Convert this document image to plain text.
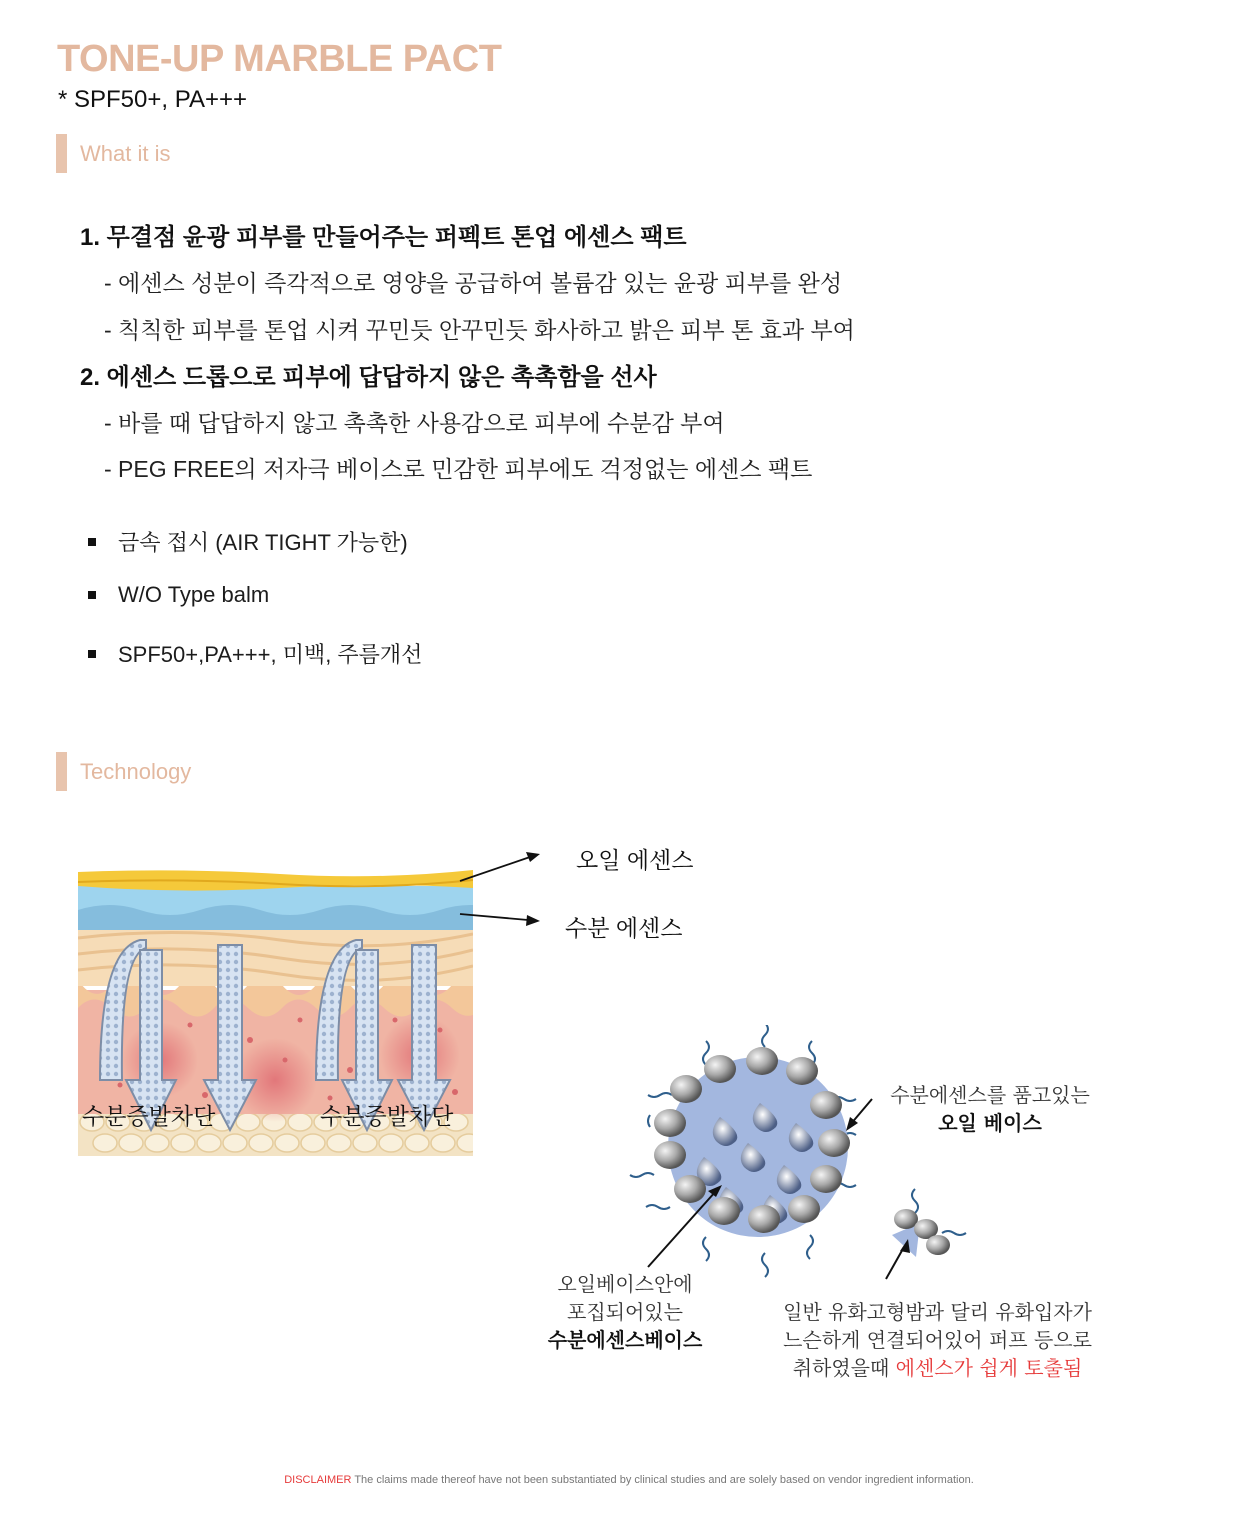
TONE-UP MARBLE PACT
* SPF50+, PA+++
What it is
1. 무결점 윤광 피부를 만들어주는 퍼펙트 톤업 에센스 팩트
- 에센스 성분이 즉각적으로 영양을 공급하여 볼륨감 있는 윤광 피부를 완성
- 칙칙한 피부를 톤업 시켜 꾸민듯 안꾸민듯 화사하고 밝은 피부 톤 효과 부여
2. 에센스 드롭으로 피부에 답답하지 않은 촉촉함을 선사
- 바를 때 답답하지 않고 촉촉한 사용감으로 피부에 수분감 부여
- PEG FREE의 저자극 베이스로 민감한 피부에도 걱정없는 에센스 팩트
금속 접시 (AIR TIGHT 가능한)
W/O Type balm
SPF50+,PA+++, 미백, 주름개선
Technology
오일 에센스
수분 에센스
수분증발차단	수분증발차단
수분에센스를 품고있는
오일 베이스
오일베이스안에
포집되어있는
수분에센스베이스
일반 유화고형밤과 달리 유화입자가
느슨하게 연결되어있어 퍼프 등으로
취하였을때 에센스가 쉽게 토출됨
DISCLAIMER The claims made thereof have not been substantiated by clinical studies and are solely based on vendor ingredient information.
